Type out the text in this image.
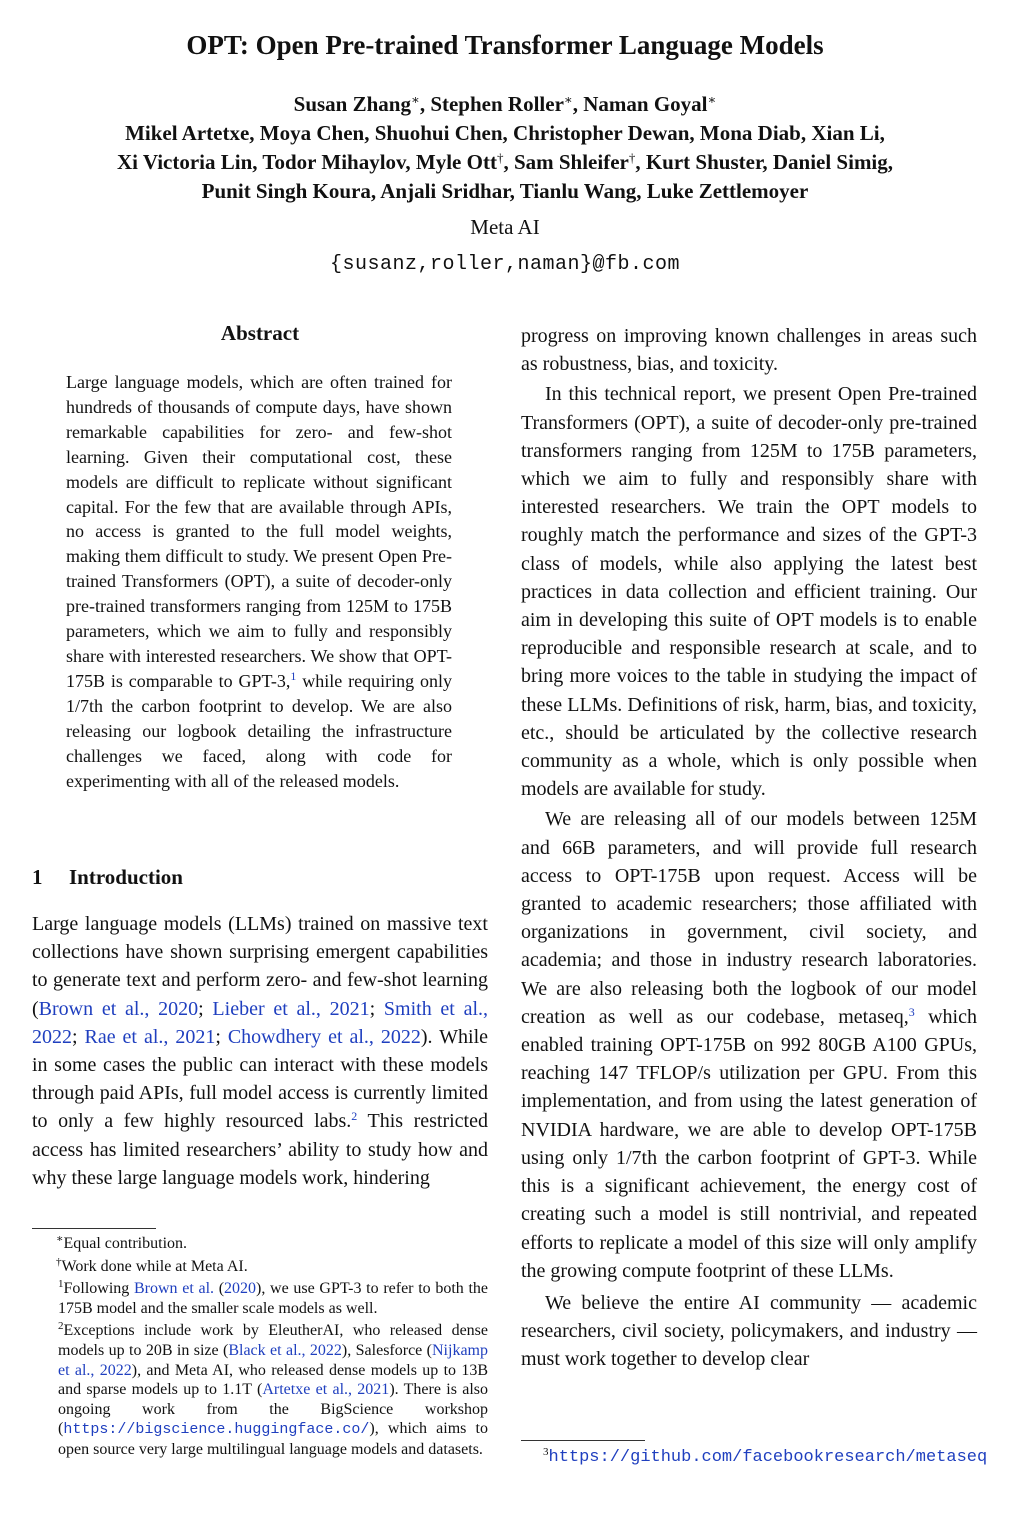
OPT: Open Pre-trained Transformer Language Models
Susan Zhang∗, Stephen Roller∗, Naman Goyal∗
Mikel Artetxe, Moya Chen, Shuohui Chen, Christopher Dewan, Mona Diab, Xian Li,
Xi Victoria Lin, Todor Mihaylov, Myle Ott†, Sam Shleifer†, Kurt Shuster, Daniel Simig,
Punit Singh Koura, Anjali Sridhar, Tianlu Wang, Luke Zettlemoyer
Meta AI
{susanz,roller,naman}@fb.com
Abstract

Large language models, which are often trained for hundreds of thousands of compute days, have shown remarkable capabilities for zero- and few-shot learning. Given their computational cost, these models are difficult to replicate without significant capital. For the few that are available through APIs, no access is granted to the full model weights, making them difficult to study. We present Open Pre-trained Transformers (OPT), a suite of decoder-only pre-trained transformers ranging from 125M to 175B parameters, which we aim to fully and responsibly share with interested researchers. We show that OPT-175B is comparable to GPT-3,$^1$ while requiring only 1/7th the carbon footprint to develop. We are also releasing our logbook detailing the infrastructure challenges we faced, along with code for experimenting with all of the released models.

1 Introduction

Large language models (LLMs) trained on massive text collections have shown surprising emergent capabilities to generate text and perform zero- and few-shot learning (Brown et al., 2020; Lieber et al., 2021; Smith et al., 2022; Rae et al., 2021; Chowdhery et al., 2022). While in some cases the public can interact with these models through paid APIs, full model access is currently limited to only a few highly resourced labs.$^2$ This restricted access has limited researchers’ ability to study how and why these large language models work, hindering

∗Equal contribution.

†Work done while at Meta AI.

$^1$Following Brown et al. (2020), we use GPT-3 to refer to both the 175B model and the smaller scale models as well.

$^2$Exceptions include work by EleutherAI, who released dense models up to 20B in size (Black et al., 2022), Salesforce (Nijkamp et al., 2022), and Meta AI, who released dense models up to 13B and sparse models up to 1.1T (Artetxe et al., 2021). There is also ongoing work from the BigScience workshop (https://bigscience.huggingface.co/), which aims to open source very large multilingual language models and datasets.

progress on improving known challenges in areas such as robustness, bias, and toxicity.

In this technical report, we present Open Pre-trained Transformers (OPT), a suite of decoder-only pre-trained transformers ranging from 125M to 175B parameters, which we aim to fully and responsibly share with interested researchers. We train the OPT models to roughly match the performance and sizes of the GPT-3 class of models, while also applying the latest best practices in data collection and efficient training. Our aim in developing this suite of OPT models is to enable reproducible and responsible research at scale, and to bring more voices to the table in studying the impact of these LLMs. Definitions of risk, harm, bias, and toxicity, etc., should be articulated by the collective research community as a whole, which is only possible when models are available for study.

We are releasing all of our models between 125M and 66B parameters, and will provide full research access to OPT-175B upon request. Access will be granted to academic researchers; those affiliated with organizations in government, civil society, and academia; and those in industry research laboratories. We are also releasing both the logbook of our model creation as well as our codebase, metaseq,$^3$ which enabled training OPT-175B on 992 80GB A100 GPUs, reaching 147 TFLOP/s utilization per GPU. From this implementation, and from using the latest generation of NVIDIA hardware, we are able to develop OPT-175B using only 1/7th the carbon footprint of GPT-3. While this is a significant achievement, the energy cost of creating such a model is still nontrivial, and repeated efforts to replicate a model of this size will only amplify the growing compute footprint of these LLMs.

We believe the entire AI community — academic researchers, civil society, policymakers, and industry — must work together to develop clear

$^3$https://github.com/facebookresearch/metaseq
